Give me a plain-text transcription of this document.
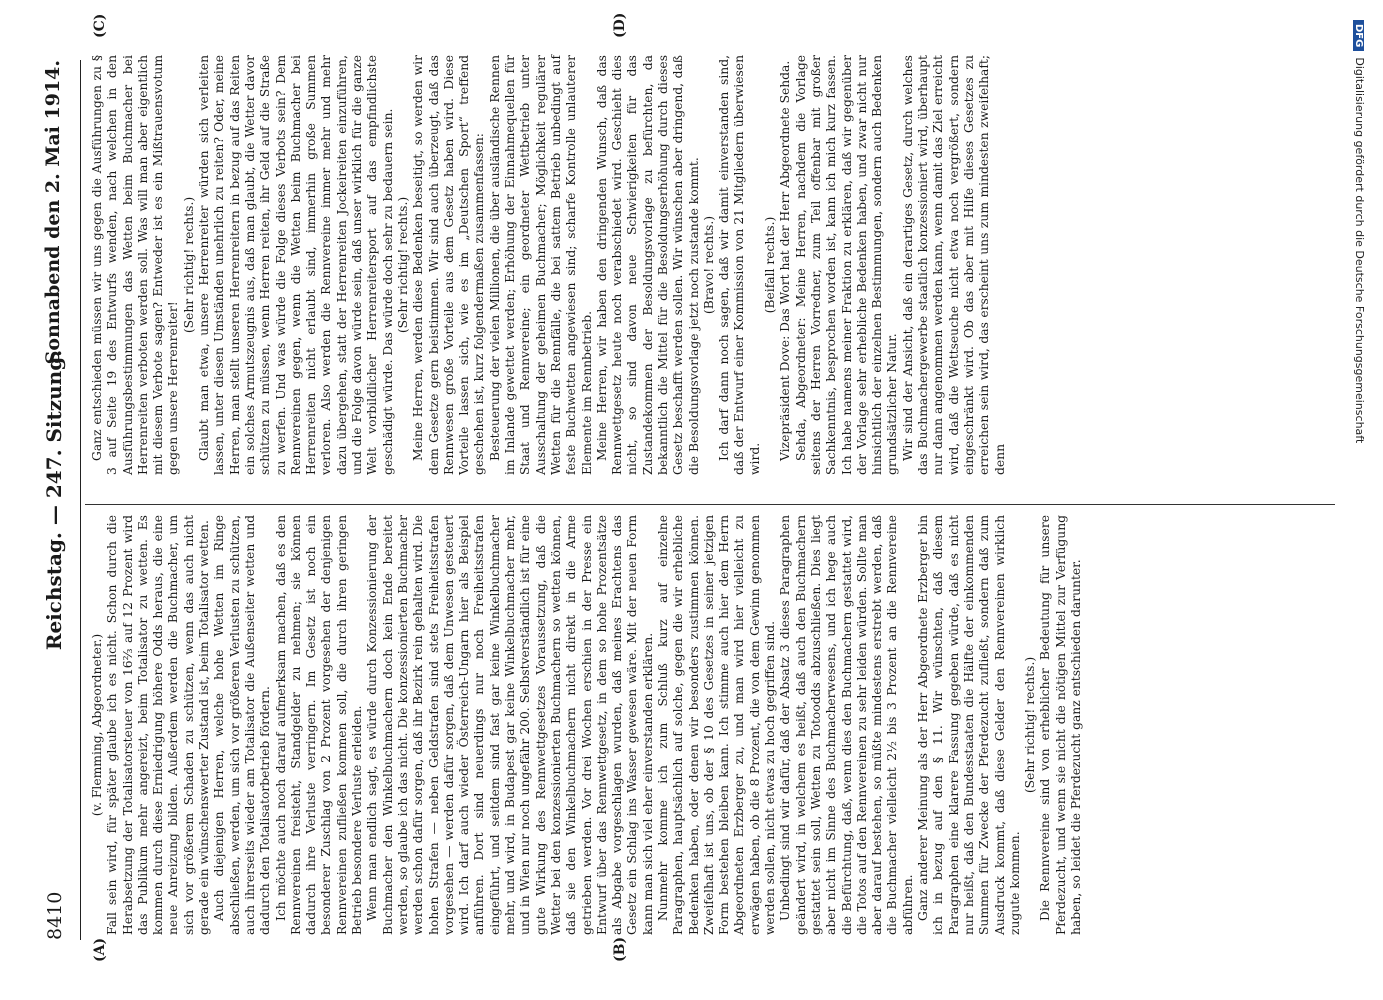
8410
Reichstag. — 247. Sitzung.
Sonnabend den 2. Mai 1914.
(A)	(B)
(C)	(D)

(v. Flemming, Abgeordneter.) Fall sein wird, für später glaube ich es nicht. Schon durch die Herabsetzung der Totalisatorsteuer von 16⅔ auf 12 Prozent wird das Publikum mehr angereizt, beim Totalisator zu wetten. Es kommen durch diese Erniedrigung höhere Odds heraus, die eine neue Anreizung bilden. Außerdem werden die Buchmacher, um sich vor größerem Schaden zu schützen, wenn das auch nicht gerade ein wünschenswerter Zustand ist, beim Totalisator wetten. Auch diejenigen Herren, welche hohe Wetten im Ringe abschließen, werden, um sich vor größeren Verlusten zu schützen, auch ihrerseits wieder am Totalisator die Außenseiter wetten und dadurch den Totalisatorbetrieb fördern. Ich möchte auch noch darauf aufmerksam machen, daß es den Rennvereinen freisteht, Standgelder zu nehmen; sie können dadurch ihre Verluste verringern. Im Gesetz ist noch ein besonderer Zuschlag von 2 Prozent vorgesehen der denjenigen Rennvereinen zufließen kommen soll, die durch ihren geringen Betrieb besondere Verluste erleiden. Wenn man endlich sagt, es würde durch Konzessionierung der Buchmacher den Winkelbuchmachern doch kein Ende bereitet werden, so glaube ich das nicht. Die konzessionierten Buchmacher werden schon dafür sorgen, daß ihr Bezirk rein gehalten wird. Die hohen Strafen — neben Geldstrafen sind stets Freiheitsstrafen vorgesehen — werden dafür sorgen, daß dem Unwesen gesteuert wird. Ich darf auch wieder Österreich-Ungarn hier als Beispiel anführen. Dort sind neuerdings nur noch Freiheitsstrafen eingeführt, und seitdem sind fast gar keine Winkelbuchmacher mehr, und wird, in Budapest gar keine Winkelbuchmacher mehr, und in Wien nur noch ungefähr 200. Selbstverständlich ist für eine gute Wirkung des Rennwettgesetzes Voraussetzung, daß die Wetter bei den konzessionierten Buchmachern so wetten können, daß sie den Winkelbuchmachern nicht direkt in die Arme getrieben werden. Vor drei Wochen erschien in der Presse ein Entwurf über das Rennwettgesetz, in dem so hohe Prozentsätze als Abgabe vorgeschlagen wurden, daß meines Erachtens das Gesetz ein Schlag ins Wasser gewesen wäre. Mit der neuen Form kann man sich viel eher einverstanden erklären. Nunmehr komme ich zum Schluß kurz auf einzelne Paragraphen, hauptsächlich auf solche, gegen die wir erhebliche Bedenken haben, oder denen wir besonders zustimmen können. Zweifelhaft ist uns, ob der § 10 des Gesetzes in seiner jetzigen Form bestehen bleiben kann. Ich stimme auch hier dem Herrn Abgeordneten Erzberger zu, und man wird hier vielleicht zu erwägen haben, ob die 8 Prozent, die von dem Gewinn genommen werden sollen, nicht etwas zu hoch gegriffen sind. Unbedingt sind wir dafür, daß der Absatz 3 dieses Paragraphen geändert wird, in welchem es heißt, daß auch den Buchmachern gestattet sein soll, Wetten zu Totoodds abzuschließen. Dies liegt aber nicht im Sinne des Buchmacherwesens, und ich hege auch die Befürchtung, daß, wenn dies den Buchmachern gestattet wird, die Totos auf den Rennvereinen zu sehr leiden würden. Sollte man aber darauf bestehen, so müßte mindestens erstrebt werden, daß die Buchmacher vielleicht 2½ bis 3 Prozent an die Rennvereine abführen. Ganz anderer Meinung als der Herr Abgeordnete Erzberger bin ich in bezug auf den § 11. Wir wünschten, daß diesem Paragraphen eine klarere Fassung gegeben würde, daß es nicht nur heißt, daß den Bundesstaaten die Hälfte der einkommenden Summen für Zwecke der Pferdezucht zufließt, sondern daß zum Ausdruck kommt, daß diese Gelder den Rennvereinen wirklich zugute kommen.

(Sehr richtig! rechts.) Die Rennvereine sind von erheblicher Bedeutung für unsere Pferdezucht, und wenn sie nicht die nötigen Mittel zur Verfügung haben, so leidet die Pferdezucht ganz entschieden darunter.

Ganz entschieden müssen wir uns gegen die Ausführungen zu § 3 auf Seite 19 des Entwurfs wenden, nach welchen in den Ausführungsbestimmungen das Wetten beim Buchmacher bei Herrenreiten verboten werden soll. Was will man aber eigentlich mit diesem Verbote sagen? Entweder ist es ein Mißtrauensvotum gegen unsere Herrenreiter!

(Sehr richtig! rechts.) Glaubt man etwa, unsere Herrenreiter würden sich verleiten lassen, unter diesen Umständen unehrlich zu reiten? Oder, meine Herren, man stellt unseren Herrenreitern in bezug auf das Reiten ein solches Armutszeugnis aus, daß man glaubt, die Wetter davor schützen zu müssen, wenn Herren reiten, ihr Geld auf die Straße zu werfen. Und was würde die Folge dieses Verbots sein? Dem Rennvereinen gegen, wenn die Wetten beim Buchmacher bei Herrenreiten nicht erlaubt sind, immerhin große Summen verloren. Also werden die Rennvereine immer mehr und mehr dazu übergehen, statt der Herrenreiten Jockeireiten einzuführen, und die Folge davon würde sein, daß unser wirklich für die ganze Welt vorbildlicher Herrenreitersport auf das empfindlichste geschädigt würde. Das würde doch sehr zu bedauern sein. (Sehr richtig! rechts.) Meine Herren, werden diese Bedenken beseitigt, so werden wir dem Gesetze gern beistimmen. Wir sind auch überzeugt, daß das Rennwesen große Vorteile aus dem Gesetz haben wird. Diese Vorteile lassen sich, wie es im „Deutschen Sport“ treffend geschehen ist, kurz folgendermaßen zusammenfassen: Besteuerung der vielen Millionen, die über ausländische Rennen im Inlande gewettet werden; Erhöhung der Einnahmequellen für Staat und Rennvereine; ein geordneter Wettbetrieb unter Ausschaltung der geheimen Buchmacher; Möglichkeit regulärer Wetten für die Rennfälle, die bei sattem Betrieb unbedingt auf feste Buchwetten angewiesen sind; scharfe Kontrolle unlauterer Elemente im Rennbetrieb. Meine Herren, wir haben den dringenden Wunsch, daß das Rennwettgesetz heute noch verabschiedet wird. Geschieht dies nicht, so sind davon neue Schwierigkeiten für das Zustandekommen der Besoldungsvorlage zu befürchten, da bekanntlich die Mittel für die Besoldungserhöhung durch dieses Gesetz beschafft werden sollen. Wir wünschen aber dringend, daß die Besoldungsvorlage jetzt noch zustande kommt. (Bravo! rechts.) Ich darf dann noch sagen, daß wir damit einverstanden sind, daß der Entwurf einer Kommission von 21 Mitgliedern überwiesen wird.

(Beifall rechts.) Vizepräsident Dove: Das Wort hat der Herr Abgeordnete Sehda. Sehda, Abgeordneter: Meine Herren, nachdem die Vorlage seitens der Herren Vorredner, zum Teil offenbar mit großer Sachkenntnis, besprochen worden ist, kann ich mich kurz fassen. Ich habe namens meiner Fraktion zu erklären, daß wir gegenüber der Vorlage sehr erhebliche Bedenken haben, und zwar nicht nur hinsichtlich der einzelnen Bestimmungen, sondern auch Bedenken grundsätzlicher Natur. Wir sind der Ansicht, daß ein derartiges Gesetz, durch welches das Buchmachergewerbe staatlich konzessioniert wird, überhaupt nur dann angenommen werden kann, wenn damit das Ziel erreicht wird, daß die Wettseuche nicht etwa noch vergrößert, sondern eingeschränkt wird. Ob das aber mit Hilfe dieses Gesetzes zu erreichen sein wird, das erscheint uns zum mindesten zweifelhaft; denn

DFGDigitalisierung gefördert durch die Deutsche Forschungsgemeinschaft
